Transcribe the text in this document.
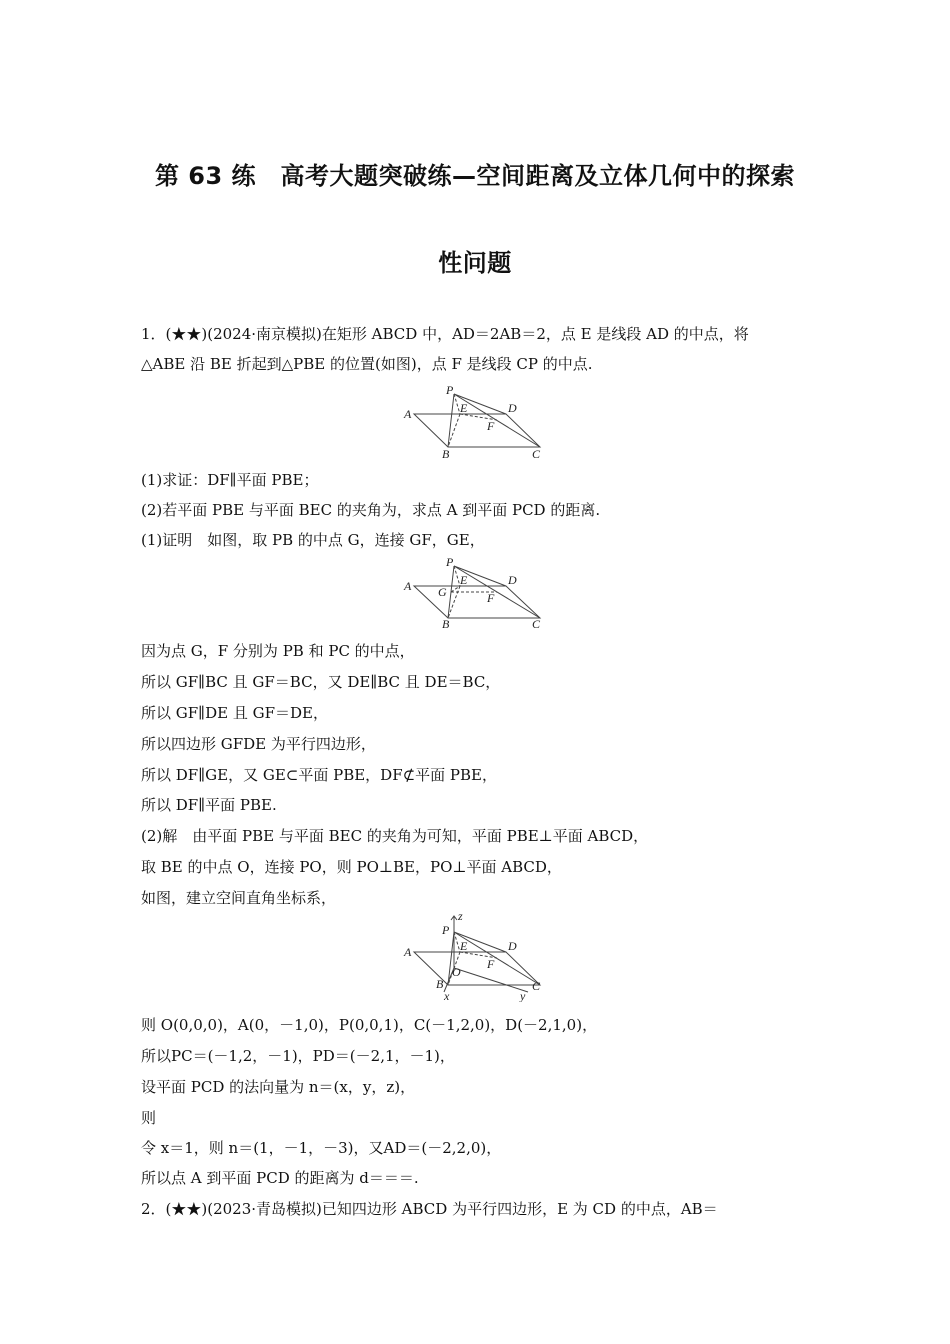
第 63 练　高考大题突破练—空间距离及立体几何中的探索
性问题
1．(★★)(2024·南京模拟)在矩形 ABCD 中，AD＝2AB＝2，点 E 是线段 AD 的中点，将
△ABE 沿 BE 折起到△PBE 的位置(如图)，点 F 是线段 CP 的中点.
A
B	C
D
E
F
P
(1)求证：DF∥平面 PBE；
(2)若平面 PBE 与平面 BEC 的夹角为，求点 A 到平面 PCD 的距离.
(1)证明　如图，取 PB 的中点 G，连接 GF，GE，
A
B	C
D
E
F
G
P
因为点 G，F 分别为 PB 和 PC 的中点，
所以 GF∥BC 且 GF＝BC，又 DE∥BC 且 DE＝BC，
所以 GF∥DE 且 GF＝DE，
所以四边形 GFDE 为平行四边形，
所以 DF∥GE，又 GE⊂平面 PBE，DF⊄平面 PBE，
所以 DF∥平面 PBE.
(2)解　由平面 PBE 与平面 BEC 的夹角为可知，平面 PBE⊥平面 ABCD，
取 BE 的中点 O，连接 PO，则 PO⊥BE，PO⊥平面 ABCD，
如图，建立空间直角坐标系，
A
B	C
D
E
F
O
P
x	y
z
则 O(0,0,0)，A(0，－1,0)，P(0,0,1)，C(－1,2,0)，D(－2,1,0)，
所以PC＝(－1,2，－1)，PD＝(－2,1，－1)，
设平面 PCD 的法向量为 n＝(x，y，z)，
则
令 x＝1，则 n＝(1，－1，－3)，又AD＝(－2,2,0)，
所以点 A 到平面 PCD 的距离为 d＝＝＝.
2．(★★)(2023·青岛模拟)已知四边形 ABCD 为平行四边形，E 为 CD 的中点，AB＝
